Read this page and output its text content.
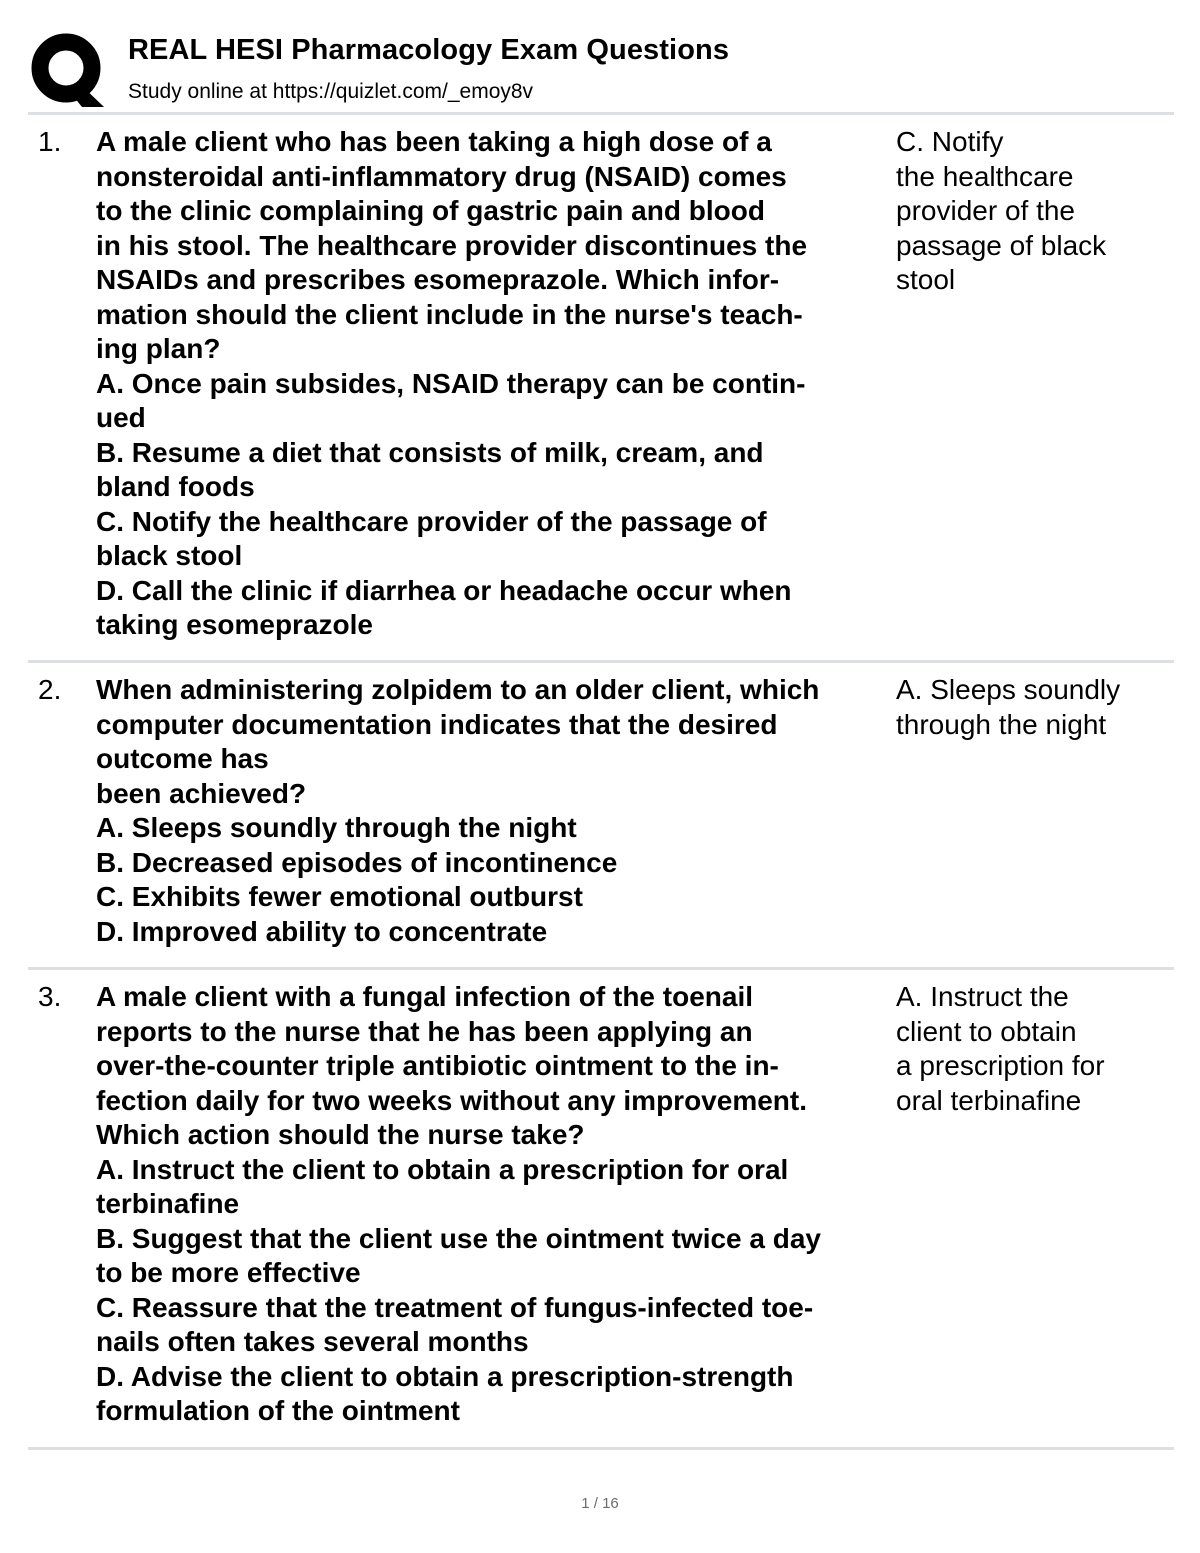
REAL HESI Pharmacology Exam Questions
Study online at https://quizlet.com/_emoy8v
1. A male client who has been taking a high dose of a
nonsteroidal anti-inflammatory drug (NSAID) comes
to the clinic complaining of gastric pain and blood
in his stool. The healthcare provider discontinues the
NSAIDs and prescribes esomeprazole. Which infor-
mation should the client include in the nurse's teach-
ing plan?
A. Once pain subsides, NSAID therapy can be contin-
ued
B. Resume a diet that consists of milk, cream, and
bland foods
C. Notify the healthcare provider of the passage of
black stool
D. Call the clinic if diarrhea or headache occur when
taking esomeprazole
C. Notify
the healthcare
provider of the
passage of black
stool
2. When administering zolpidem to an older client, which
computer documentation indicates that the desired
outcome has
been achieved?
A. Sleeps soundly through the night
B. Decreased episodes of incontinence
C. Exhibits fewer emotional outburst
D. Improved ability to concentrate
A. Sleeps soundly
through the night
3. A male client with a fungal infection of the toenail
reports to the nurse that he has been applying an
over-the-counter triple antibiotic ointment to the in-
fection daily for two weeks without any improvement.
Which action should the nurse take?
A. Instruct the client to obtain a prescription for oral
terbinafine
B. Suggest that the client use the ointment twice a day
to be more effective
C. Reassure that the treatment of fungus-infected toe-
nails often takes several months
D. Advise the client to obtain a prescription-strength
formulation of the ointment
A. Instruct the
client to obtain
a prescription for
oral terbinafine
1 / 16
